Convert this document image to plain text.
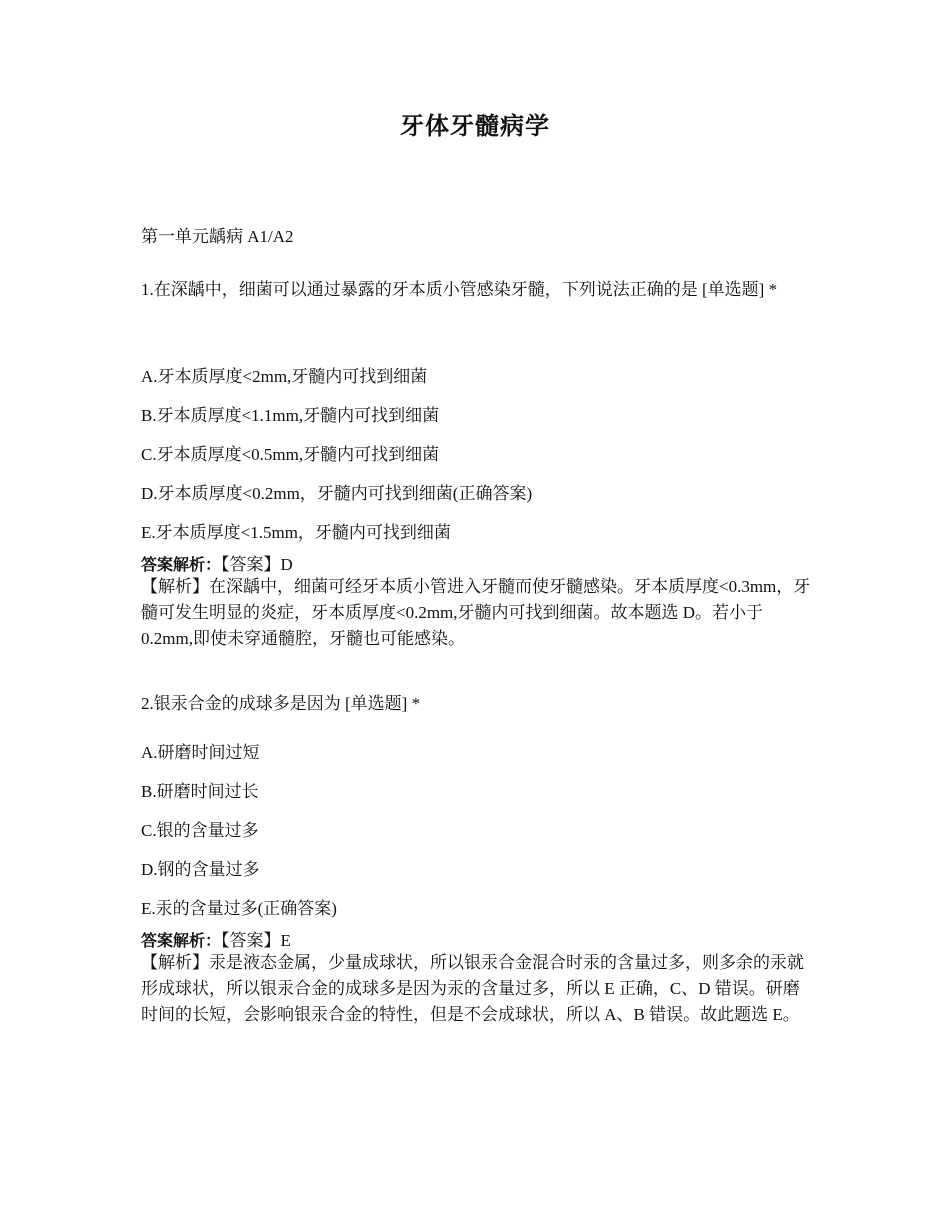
牙体牙髓病学
第一单元龋病 A1/A2
1.在深龋中，细菌可以通过暴露的牙本质小管感染牙髓，下列说法正确的是 [单选题] *
A.牙本质厚度<2mm,牙髓内可找到细菌
B.牙本质厚度<1.1mm,牙髓内可找到细菌
C.牙本质厚度<0.5mm,牙髓内可找到细菌
D.牙本质厚度<0.2mm，牙髓内可找到细菌(正确答案)
E.牙本质厚度<1.5mm，牙髓内可找到细菌
答案解析：【答案】D
【解析】在深龋中，细菌可经牙本质小管进入牙髓而使牙髓感染。牙本质厚度<0.3mm，牙髓可发生明显的炎症，牙本质厚度<0.2mm,牙髓内可找到细菌。故本题选 D。若小于 0.2mm,即使未穿通髓腔，牙髓也可能感染。
2.银汞合金的成球多是因为 [单选题] *
A.研磨时间过短
B.研磨时间过长
C.银的含量过多
D.钢的含量过多
E.汞的含量过多(正确答案)
答案解析：【答案】E
【解析】汞是液态金属，少量成球状，所以银汞合金混合时汞的含量过多，则多余的汞就形成球状，所以银汞合金的成球多是因为汞的含量过多，所以 E 正确，C、D 错误。研磨时间的长短，会影响银汞合金的特性，但是不会成球状，所以 A、B 错误。故此题选 E。
